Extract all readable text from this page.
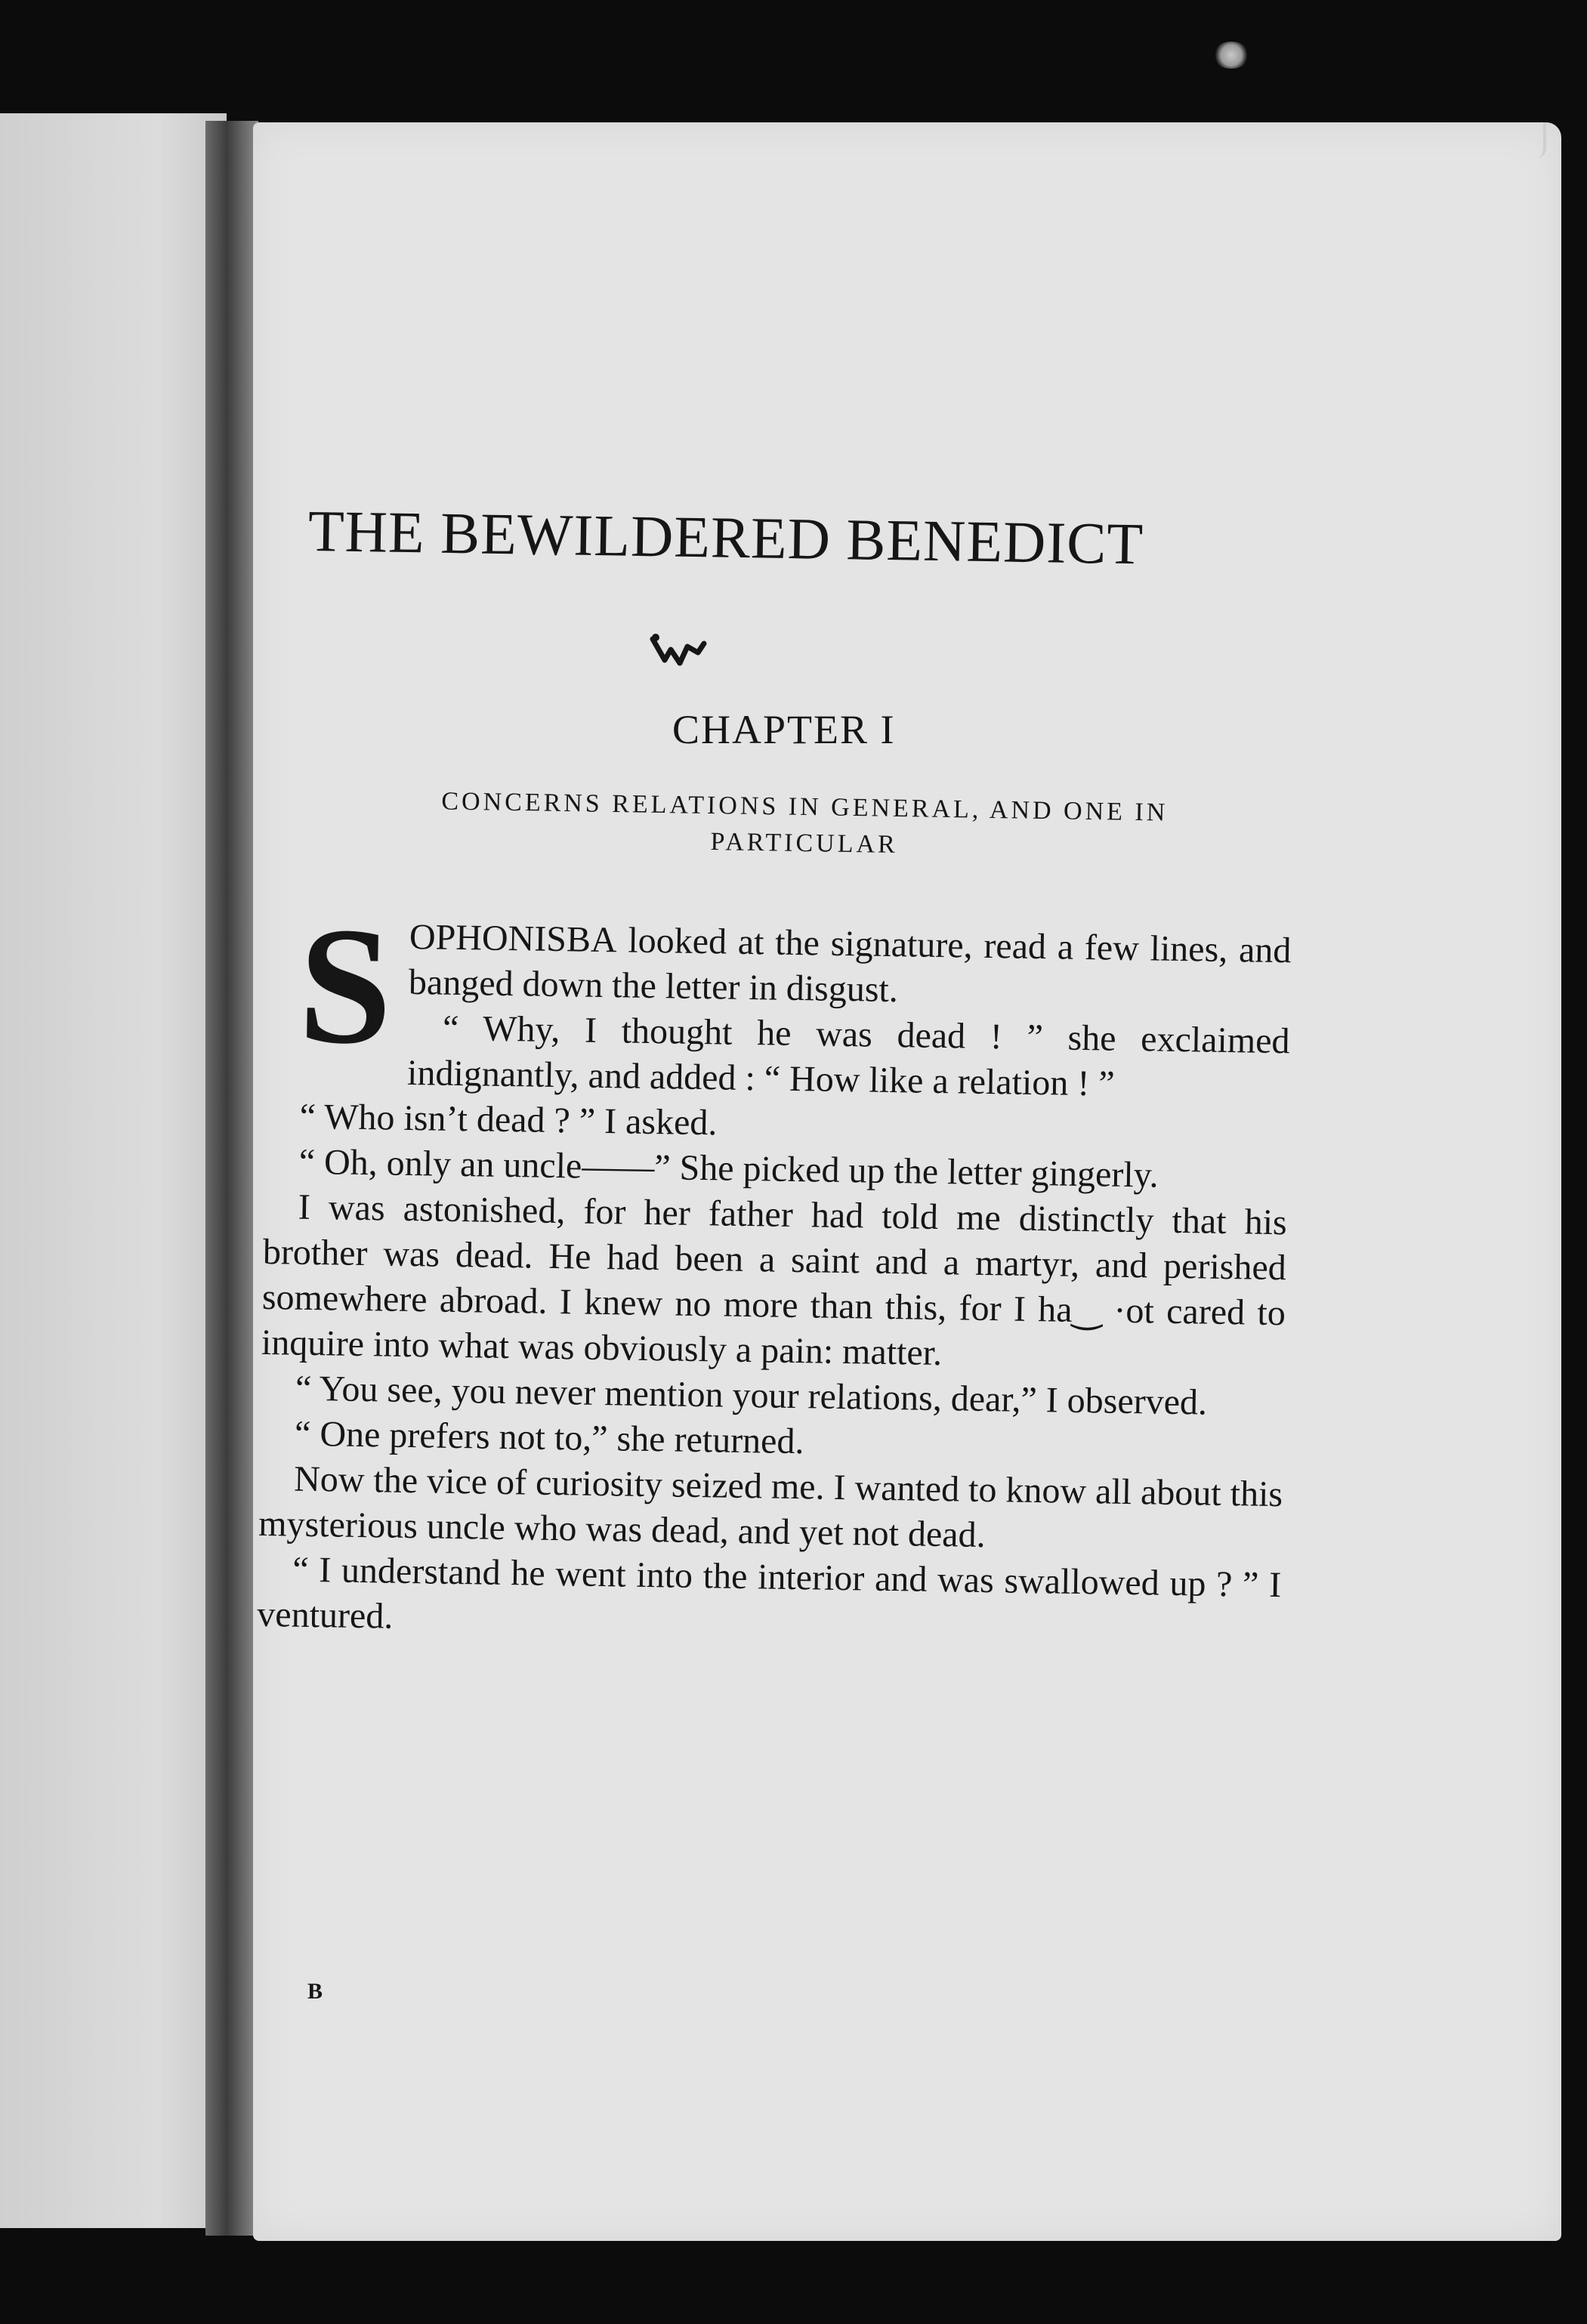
THE BEWILDERED BENEDICT
CHAPTER I
CONCERNS RELATIONS IN GENERAL, AND ONE IN
PARTICULAR

SOPHONISBA looked at the signature, read a few lines, and banged down the letter in disgust.

“ Why, I thought he was dead ! ” she exclaimed indignantly, and added : “ How like a relation ! ”

“ Who isn’t dead ? ” I asked.

“ Oh, only an uncle——” She picked up the letter gingerly.

I was astonished, for her father had told me distinctly that his brother was dead. He had been a saint and a martyr, and perished somewhere abroad. I knew no more than this, for I ha‿ ·ot cared to inquire into what was obviously a pain: matter.

“ You see, you never mention your relations, dear,” I observed.

“ One prefers not to,” she returned.

Now the vice of curiosity seized me. I wanted to know all about this mysterious uncle who was dead, and yet not dead.

“ I understand he went into the interior and was swallowed up ? ” I ventured.

B
